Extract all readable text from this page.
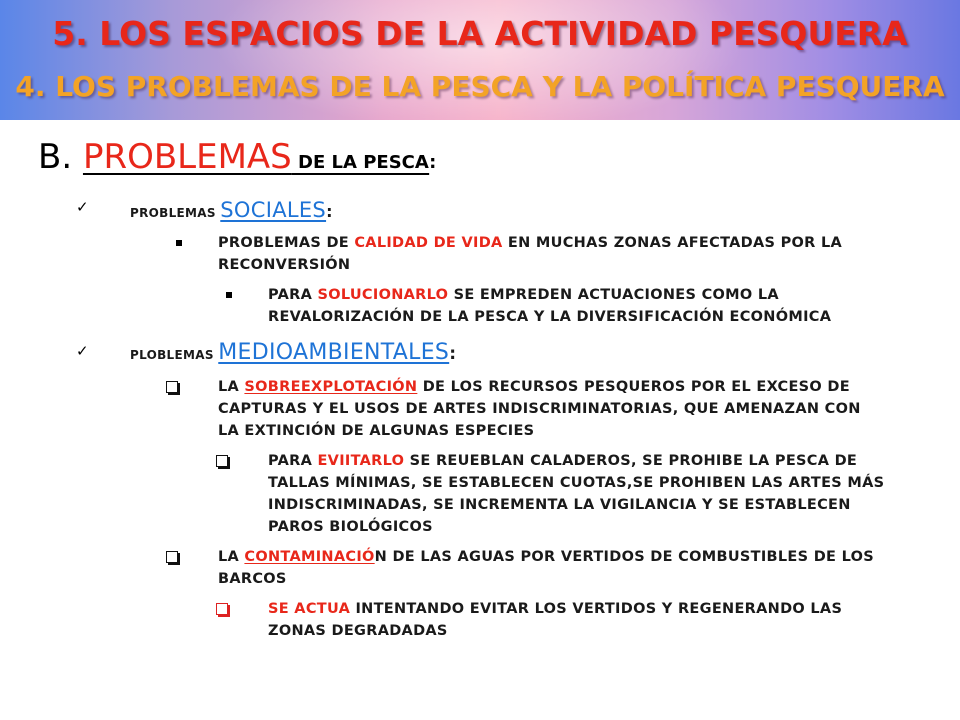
5. LOS ESPACIOS DE LA ACTIVIDAD PESQUERA
4. LOS PROBLEMAS DE LA PESCA Y LA POLÍTICA PESQUERA
B. PROBLEMAS DE LA PESCA:
✓	PROBLEMAS SOCIALES:
PROBLEMAS DE CALIDAD DE VIDA EN MUCHAS ZONAS AFECTADAS POR LA
RECONVERSIÓN
PARA SOLUCIONARLO SE EMPREDEN ACTUACIONES COMO LA
REVALORIZACIÓN DE LA PESCA Y LA DIVERSIFICACIÓN ECONÓMICA
✓	PLOBLEMAS MEDIOAMBIENTALES:
LA SOBREEXPLOTACIÓN DE LOS RECURSOS PESQUEROS POR EL EXCESO DE
CAPTURAS Y EL USOS DE ARTES INDISCRIMINATORIAS, QUE AMENAZAN CON
LA EXTINCIÓN DE ALGUNAS ESPECIES
PARA EVIITARLO SE REUEBLAN CALADEROS, SE PROHIBE LA PESCA DE
TALLAS MÍNIMAS, SE ESTABLECEN CUOTAS,SE PROHIBEN LAS ARTES MÁS
INDISCRIMINADAS, SE INCREMENTA LA VIGILANCIA Y SE ESTABLECEN
PAROS BIOLÓGICOS
LA CONTAMINACIÓN DE LAS AGUAS POR VERTIDOS DE COMBUSTIBLES DE LOS
BARCOS
SE ACTUA INTENTANDO EVITAR LOS VERTIDOS Y REGENERANDO LAS
ZONAS DEGRADADAS
